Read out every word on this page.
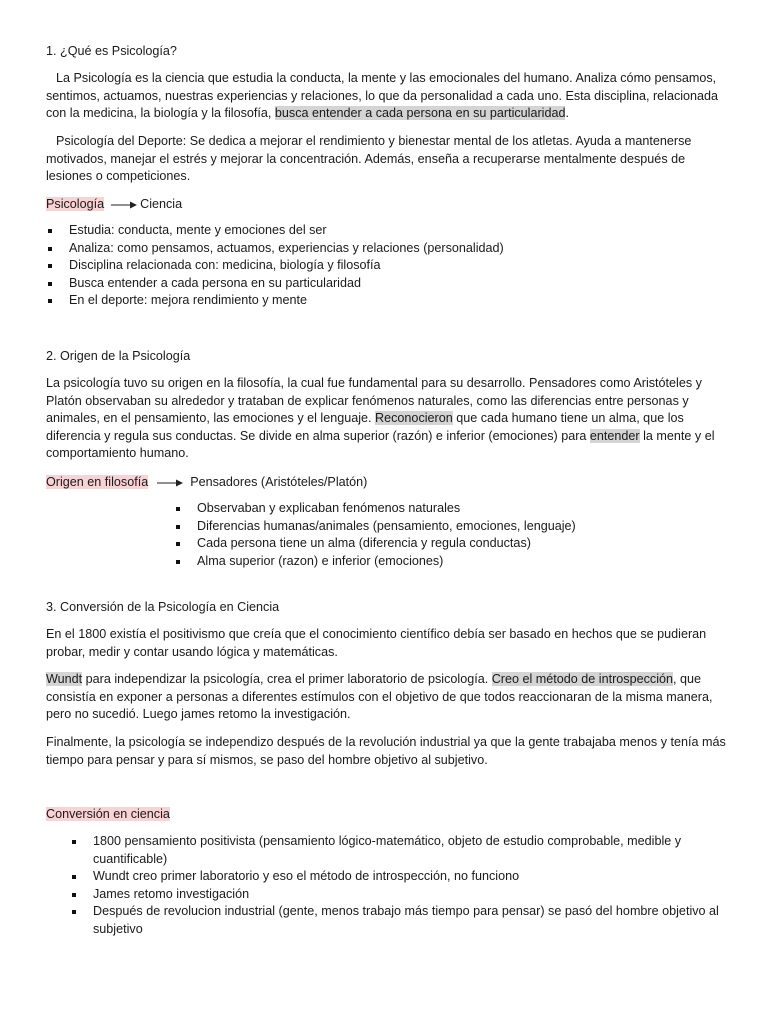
1. ¿Qué es Psicología?

La Psicología es la ciencia que estudia la conducta, la mente y las emocionales del humano. Analiza cómo pensamos, sentimos, actuamos, nuestras experiencias y relaciones, lo que da personalidad a cada uno. Esta disciplina, relacionada con la medicina, la biología y la filosofía, busca entender a cada persona en su particularidad.

Psicología del Deporte: Se dedica a mejorar el rendimiento y bienestar mental de los atletas. Ayuda a mantenerse motivados, manejar el estrés y mejorar la concentración. Además, enseña a recuperarse mentalmente después de lesiones o competiciones.

Psicología	Ciencia
Estudia: conducta, mente y emociones del ser
Analiza: como pensamos, actuamos, experiencias y relaciones (personalidad)
Disciplina relacionada con: medicina, biología y filosofía
Busca entender a cada persona en su particularidad
En el deporte: mejora rendimiento y mente
2. Origen de la Psicología

La psicología tuvo su origen en la filosofía, la cual fue fundamental para su desarrollo. Pensadores como Aristóteles y Platón observaban su alrededor y trataban de explicar fenómenos naturales, como las diferencias entre personas y animales, en el pensamiento, las emociones y el lenguaje. Reconocieron que cada humano tiene un alma, que los diferencia y regula sus conductas. Se divide en alma superior (razón) e inferior (emociones) para entender la mente y el comportamiento humano.

Origen en filosofía	Pensadores (Aristóteles/Platón)
Observaban y explicaban fenómenos naturales
Diferencias humanas/animales (pensamiento, emociones, lenguaje)
Cada persona tiene un alma (diferencia y regula conductas)
Alma superior (razon) e inferior (emociones)
3. Conversión de la Psicología en Ciencia

En el 1800 existía el positivismo que creía que el conocimiento científico debía ser basado en hechos que se pudieran probar, medir y contar usando lógica y matemáticas.

Wundt para independizar la psicología, crea el primer laboratorio de psicología. Creo el método de introspección, que consistía en exponer a personas a diferentes estímulos con el objetivo de que todos reaccionaran de la misma manera, pero no sucedió. Luego james retomo la investigación.

Finalmente, la psicología se independizo después de la revolución industrial ya que la gente trabajaba menos y tenía más tiempo para pensar y para sí mismos, se paso del hombre objetivo al subjetivo.

Conversión en ciencia
1800 pensamiento positivista (pensamiento lógico-matemático, objeto de estudio comprobable, medible y cuantificable)
Wundt creo primer laboratorio y eso el método de introspección, no funciono
James retomo investigación
Después de revolucion industrial (gente, menos trabajo más tiempo para pensar) se pasó del hombre objetivo al subjetivo
